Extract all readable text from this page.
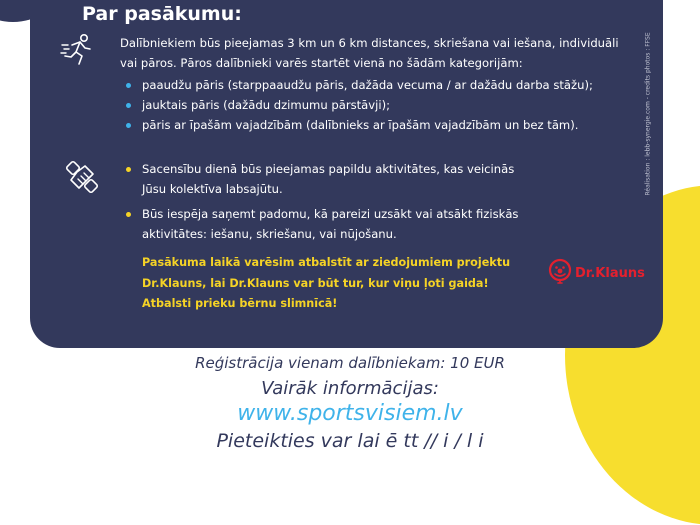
Par pasākumu:
Dalībniekiem būs pieejamas 3 km un 6 km distances, skriešana vai iešana, individuāli vai pāros. Pāros dalībnieki varēs startēt vienā no šādām kategorijām:
paaudžu pāris (starppaaudžu pāris, dažāda vecuma / ar dažādu darba stāžu);
jauktais pāris (dažādu dzimumu pārstāvji);
pāris ar īpašām vajadzībām (dalībnieks ar īpašām vajadzībām un bez tām).
Sacensību dienā būs pieejamas papildu aktivitātes, kas veicinās Jūsu kolektīva labsajūtu.
Būs iespēja saņemt padomu, kā pareizi uzsākt vai atsākt fiziskās aktivitātes: iešanu, skriešanu, vai nūjošanu.
Pasākuma laikā varēsim atbalstīt ar ziedojumiem projektu Dr.Klauns, lai Dr.Klauns var būt tur, kur viņu ļoti gaida! Atbalsti prieku bērnu slimnīcā!
Réalisation : lebb-synergie.com - credits photos : FFSE
Dr.Klauns
Reģistrācija vienam dalībniekam: 10 EUR
Vairāk informācijas:
www.sportsvisiem.lv
Pieteikties var lai ē tt // i / l i
